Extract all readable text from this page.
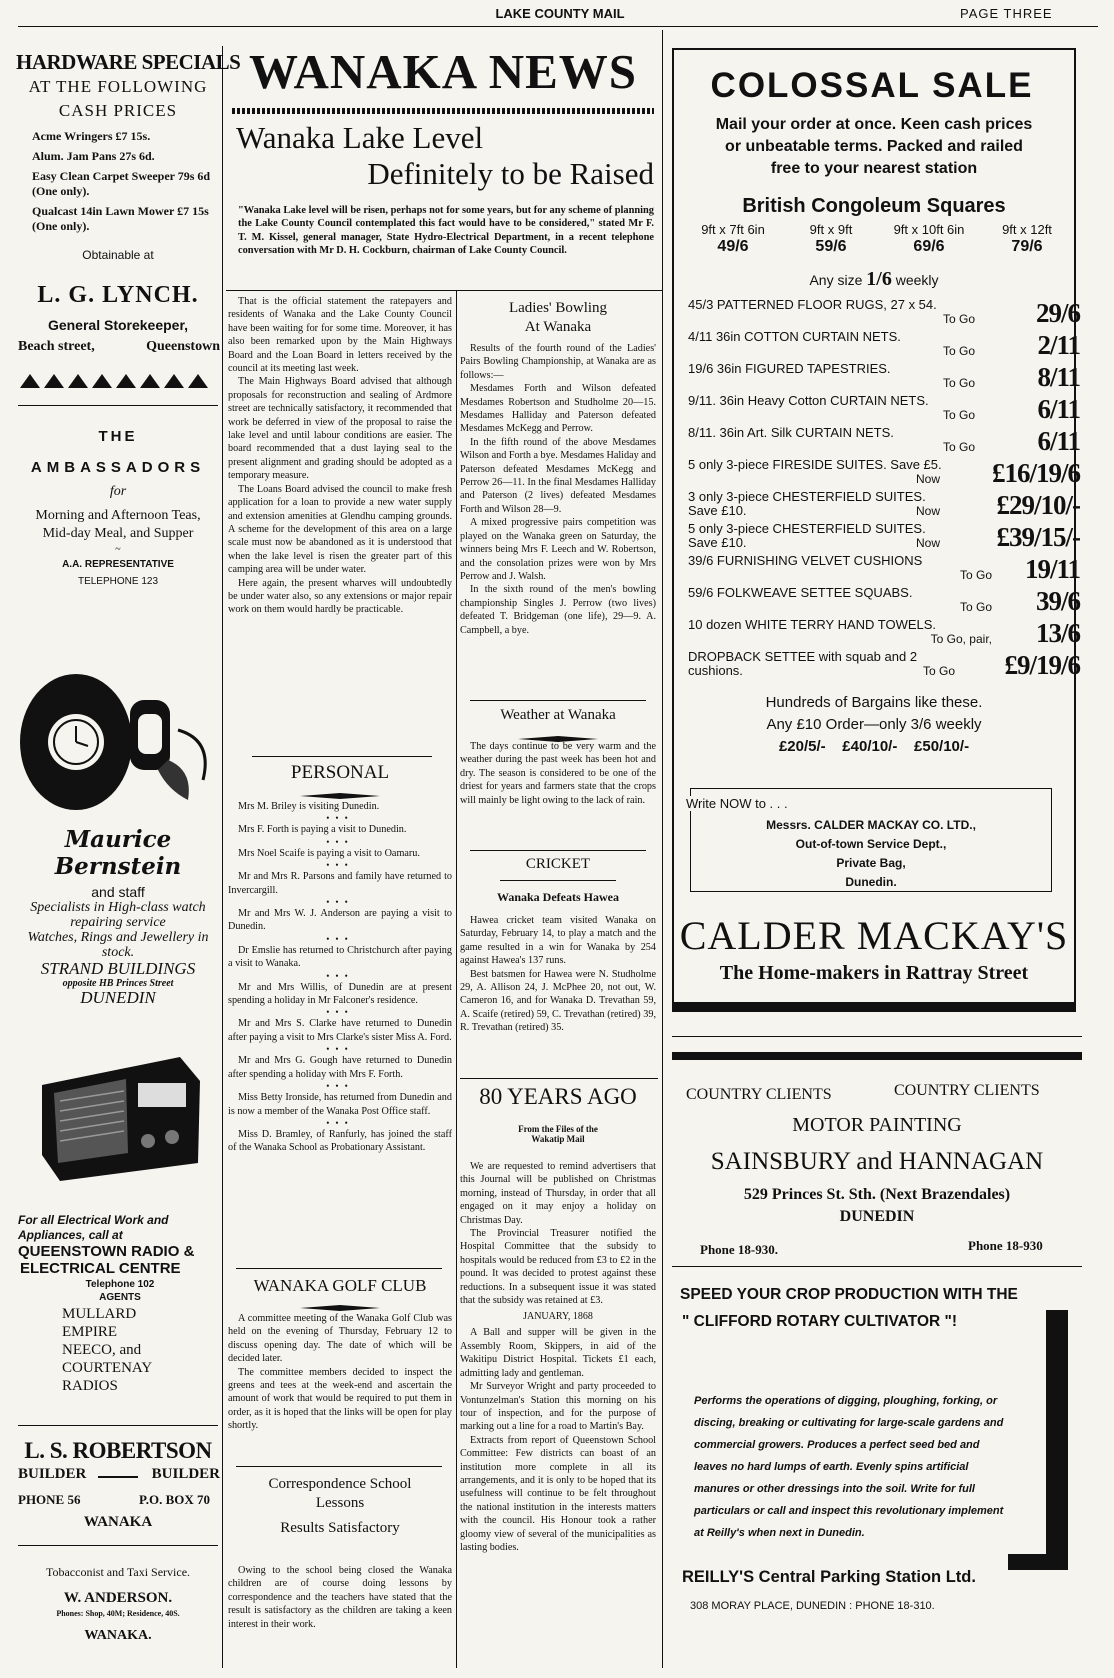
LAKE COUNTY MAIL	PAGE THREE
HARDWARE SPECIALS
AT THE FOLLOWING
CASH PRICES
Acme Wringers £7 15s.
Alum. Jam Pans 27s 6d.
Easy Clean Carpet Sweeper 79s 6d (One only).
Qualcast 14in Lawn Mower £7 15s (One only).
Obtainable at
L. G. LYNCH.
General Storekeeper,
Beach street,	Queenstown
THE
AMBASSADORS
for
Morning and Afternoon Teas,
Mid-day Meal, and Supper
~
A.A. REPRESENTATIVE
TELEPHONE 123
Maurice Bernstein
and staff
Specialists in High-class watch
repairing service
Watches, Rings and Jewellery in
stock.
STRAND BUILDINGS
opposite HB Princes Street
DUNEDIN
For all Electrical Work and
Appliances, call at
QUEENSTOWN RADIO &
ELECTRICAL CENTRE
Telephone 102
AGENTS
MULLARD
EMPIRE
NEECO, and
COURTENAY
RADIOS
L. S. ROBERTSON
BUILDER	BUILDER
PHONE 56	P.O. BOX 70
WANAKA
Tobacconist and Taxi Service.
W. ANDERSON.
Phones: Shop, 40M; Residence, 40S.
WANAKA.
WANAKA NEWS
Wanaka Lake Level
Definitely to be Raised
"Wanaka Lake level will be risen, perhaps not for some years, but for any scheme of planning the Lake County Council contemplated this fact would have to be considered," stated Mr F. T. M. Kissel, general manager, State Hydro-Electrical Department, in a recent telephone conversation with Mr D. H. Cockburn, chairman of Lake County Council.

That is the official statement the ratepayers and residents of Wanaka and the Lake County Council have been waiting for for some time. Moreover, it has also been remarked upon by the Main Highways Board and the Loan Board in letters received by the council at its meeting last week.

The Main Highways Board advised that although proposals for reconstruction and sealing of Ardmore street are technically satisfactory, it recommended that work be deferred in view of the proposal to raise the lake level and until labour conditions are easier. The board recommended that a dust laying seal to the present alignment and grading should be adopted as a temporary measure.

The Loans Board advised the council to make fresh application for a loan to provide a new water supply and extension amenities at Glendhu camping grounds. A scheme for the development of this area on a large scale must now be abandoned as it is understood that when the lake level is risen the greater part of this camping area will be under water.

Here again, the present wharves will undoubtedly be under water also, so any extensions or major repair work on them would hardly be practicable.

PERSONAL

Mrs M. Briley is visiting Dunedin.

•••

Mrs F. Forth is paying a visit to Dunedin.

•••

Mrs Noel Scaife is paying a visit to Oamaru.

•••

Mr and Mrs R. Parsons and family have returned to Invercargill.

•••

Mr and Mrs W. J. Anderson are paying a visit to Dunedin.

•••

Dr Emslie has returned to Christchurch after paying a visit to Wanaka.

•••

Mr and Mrs Willis, of Dunedin are at present spending a holiday in Mr Falconer's residence.

•••

Mr and Mrs S. Clarke have returned to Dunedin after paying a visit to Mrs Clarke's sister Miss A. Ford.

•••

Mr and Mrs G. Gough have returned to Dunedin after spending a holiday with Mrs F. Forth.

•••

Miss Betty Ironside, has returned from Dunedin and is now a member of the Wanaka Post Office staff.

•••

Miss D. Bramley, of Ranfurly, has joined the staff of the Wanaka School as Probationary Assistant.

WANAKA GOLF CLUB

A committee meeting of the Wanaka Golf Club was held on the evening of Thursday, February 12 to discuss opening day. The date of which will be decided later.

The committee members decided to inspect the greens and tees at the week-end and ascertain the amount of work that would be required to put them in order, as it is hoped that the links will be open for play shortly.

Correspondence School
Lessons
Results Satisfactory

Owing to the school being closed the Wanaka children are of course doing lessons by correspondence and the teachers have stated that the result is satisfactory as the children are taking a keen interest in their work.

Ladies' Bowling
At Wanaka

Results of the fourth round of the Ladies' Pairs Bowling Championship, at Wanaka are as follows:—

Mesdames Forth and Wilson defeated Mesdames Robertson and Studholme 20—15. Mesdames Halliday and Paterson defeated Mesdames McKegg and Perrow.

In the fifth round of the above Mesdames Wilson and Forth a bye. Mesdames Haliday and Paterson defeated Mesdames McKegg and Perrow 26—11. In the final Mesdames Halliday and Paterson (2 lives) defeated Mesdames Forth and Wilson 28—9.

A mixed progressive pairs competition was played on the Wanaka green on Saturday, the winners being Mrs F. Leech and W. Robertson, and the consolation prizes were won by Mrs Perrow and J. Walsh.

In the sixth round of the men's bowling championship Singles J. Perrow (two lives) defeated T. Bridgeman (one life), 29—9. A. Campbell, a bye.

Weather at Wanaka

The days continue to be very warm and the weather during the past week has been hot and dry. The season is considered to be one of the driest for years and farmers state that the crops will mainly be light owing to the lack of rain.

CRICKET
Wanaka Defeats Hawea

Hawea cricket team visited Wanaka on Saturday, February 14, to play a match and the game resulted in a win for Wanaka by 254 against Hawea's 137 runs.

Best batsmen for Hawea were N. Studholme 29, A. Allison 24, J. McPhee 20, not out, W. Cameron 16, and for Wanaka D. Trevathan 59, A. Scaife (retired) 59, C. Trevathan (retired) 39, R. Trevathan (retired) 35.

80 YEARS AGO
From the Files of the
Wakatip Mail

We are requested to remind advertisers that this Journal will be published on Christmas morning, instead of Thursday, in order that all engaged on it may enjoy a holiday on Christmas Day.

The Provincial Treasurer notified the Hospital Committee that the subsidy to hospitals would be reduced from £3 to £2 in the pound. It was decided to protest against these reductions. In a subsequent issue it was stated that the subsidy was retained at £3.

JANUARY, 1868

A Ball and supper will be given in the Assembly Room, Skippers, in aid of the Wakitipu District Hospital. Tickets £1 each, admitting lady and gentleman.

Mr Surveyor Wright and party proceeded to Vontunzelman's Station this morning on his tour of inspection, and for the purpose of marking out a line for a road to Martin's Bay.

Extracts from report of Queenstown School Committee: Few districts can boast of an institution more complete in all its arrangements, and it is only to be hoped that its usefulness will continue to be felt throughout the national institution in the interests matters with the council. His Honour took a rather gloomy view of several of the municipalities as lasting bodies.

COLOSSAL SALE
Mail your order at once. Keen cash prices
or unbeatable terms. Packed and railed
free to your nearest station
British Congoleum Squares
9ft x 7ft 6in
49/6
9ft x 9ft
59/6
9ft x 10ft 6in
69/6
9ft x 12ft
79/6
Any size 1/6 weekly
45/3 PATTERNED FLOOR RUGS, 27 x 54.
To Go 29/6
4/11 36in COTTON CURTAIN NETS.
To Go 2/11
19/6 36in FIGURED TAPESTRIES.
To Go 8/11
9/11. 36in Heavy Cotton CURTAIN NETS.
To Go 6/11
8/11. 36in Art. Silk CURTAIN NETS.
To Go 6/11
5 only 3-piece FIRESIDE SUITES. Save £5.
Now £16/19/6
3 only 3-piece CHESTERFIELD SUITES. Save £10.	Now £29/10/-
5 only 3-piece CHESTERFIELD SUITES. Save £10.	Now £39/15/-
39/6 FURNISHING VELVET CUSHIONS
To Go 19/11
59/6 FOLKWEAVE SETTEE SQUABS.
To Go 39/6
10 dozen WHITE TERRY HAND TOWELS.
To Go, pair, 13/6
DROPBACK SETTEE with squab and 2 cushions.	To Go £9/19/6
Hundreds of Bargains like these.
Any £10 Order—only 3/6 weekly
£20/5/-    £40/10/-    £50/10/-
Write NOW to . . .
Messrs. CALDER MACKAY CO. LTD.,
Out-of-town Service Dept.,
Private Bag,
Dunedin.
CALDER MACKAY'S
The Home-makers in Rattray Street
COUNTRY CLIENTS	COUNTRY CLIENTS
MOTOR PAINTING
SAINSBURY and HANNAGAN
529 Princes St. Sth. (Next Brazendales)
DUNEDIN
Phone 18-930.	Phone 18-930
SPEED YOUR CROP PRODUCTION WITH THE
" CLIFFORD ROTARY CULTIVATOR "!
Performs the operations of digging, ploughing, forking, or discing, breaking or cultivating for large-scale gardens and commercial growers. Produces a perfect seed bed and leaves no hard lumps of earth. Evenly spins artificial manures or other dressings into the soil. Write for full particulars or call and inspect this revolutionary implement at Reilly's when next in Dunedin.
REILLY'S Central Parking Station Ltd.
308 MORAY PLACE, DUNEDIN : PHONE 18-310.
